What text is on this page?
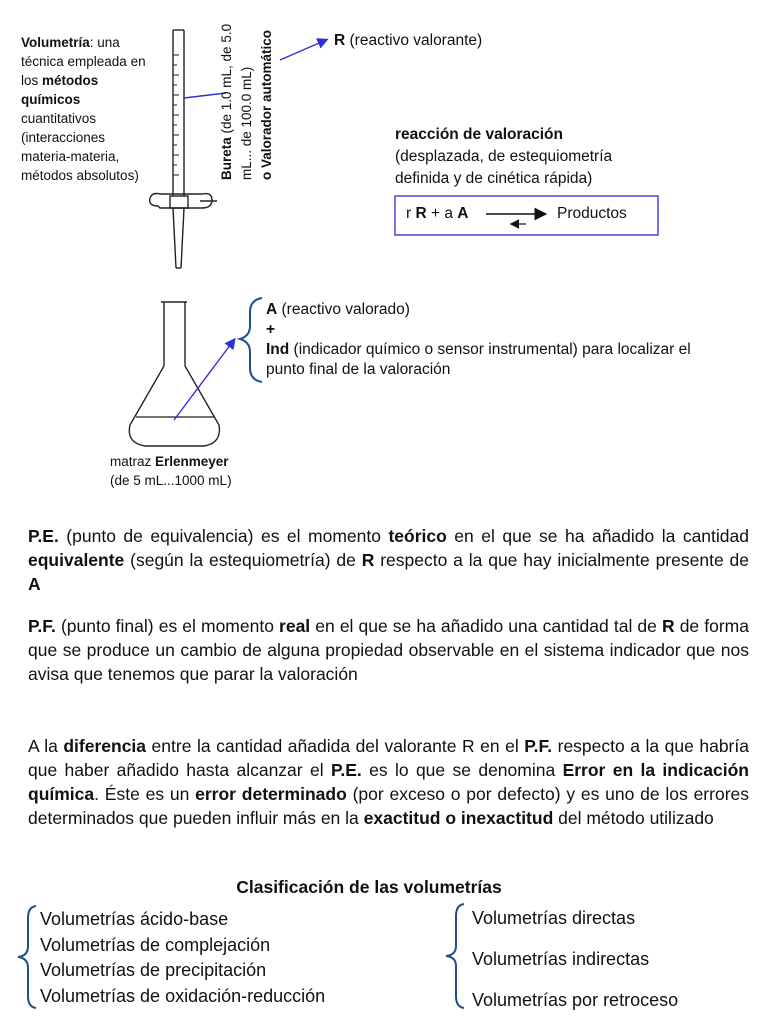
Volumetría: una técnica empleada en los métodos químicos cuantitativos (interacciones materia-materia, métodos absolutos)	Bureta (de 1.0 mL, de 5.0 mL... de 100.0 mL) o Valorador automático	R (reactivo valorante)
reacción de valoración
(desplazada, de estequiometría definida y de cinética rápida)
r R + a A	Productos
A (reactivo valorado)
+
Ind (indicador químico o sensor instrumental) para localizar el punto final de la valoración
matraz Erlenmeyer
(de 5 mL...1000 mL)
P.E. (punto de equivalencia) es el momento teórico en el que se ha añadido la cantidad equivalente (según la estequiometría) de R respecto a la que hay inicialmente presente de A
P.F. (punto final) es el momento real en el que se ha añadido una cantidad tal de R de forma que se produce un cambio de alguna propiedad observable en el sistema indicador que nos avisa que tenemos que parar la valoración
A la diferencia entre la cantidad añadida del valorante R en el P.F. respecto a la que habría que haber añadido hasta alcanzar el P.E. es lo que se denomina Error en la indicación química. Éste es un error determinado (por exceso o por defecto) y es uno de los errores determinados que pueden influir más en la exactitud o inexactitud del método utilizado
Clasificación de las volumetrías
Volumetrías ácido-base
Volumetrías de complejación
Volumetrías de precipitación
Volumetrías de oxidación-reducción
Volumetrías directas
Volumetrías indirectas
Volumetrías por retroceso
